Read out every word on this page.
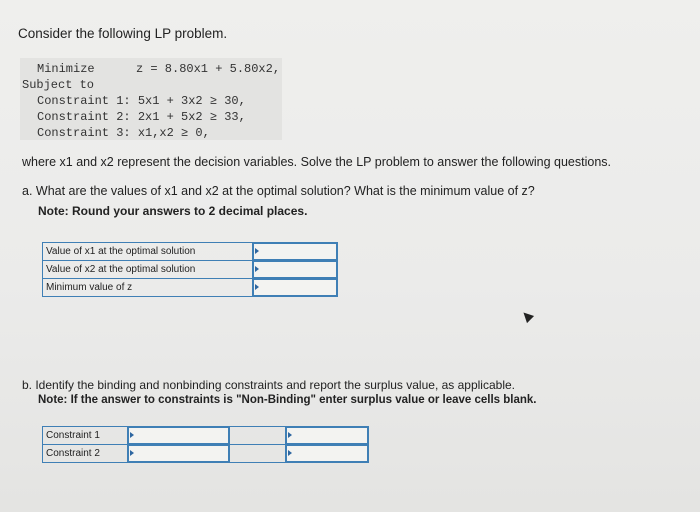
Consider the following LP problem.
Minimize	z = 8.80x1 + 5.80x2,
Subject to
Constraint 1: 5x1 + 3x2 ≥ 30,
Constraint 2: 2x1 + 5x2 ≥ 33,
Constraint 3: x1,x2 ≥ 0,
where x1 and x2 represent the decision variables. Solve the LP problem to answer the following questions.
a. What are the values of x1 and x2 at the optimal solution? What is the minimum value of z?
Note: Round your answers to 2 decimal places.
Value of x1 at the optimal solution	

Value of x2 at the optimal solution	

Minimum value of z	
b. Identify the binding and nonbinding constraints and report the surplus value, as applicable.
Note: If the answer to constraints is "Non-Binding" enter surplus value or leave cells blank.
Constraint 1	

Constraint 2	
